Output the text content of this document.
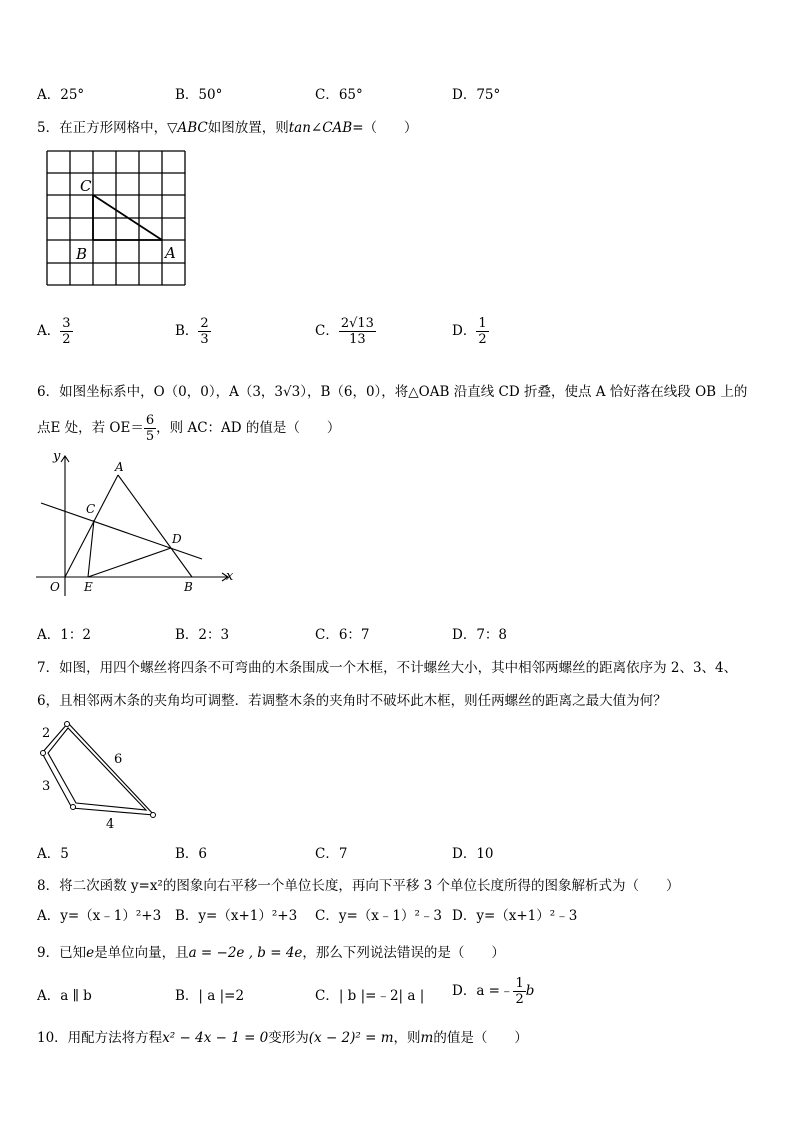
A．25°	B．50°	C．65°	D．75°
5．在正方形网格中，▽ABC如图放置，则tan∠CAB=（　　）
C
B	A
A． $\frac{3}{2}$	B． $\frac{2}{3}$	C． $\frac{2√13}{13}$	D． $\frac{1}{2}$
6．如图坐标系中，O（0，0），A（3，3√3），B（6，0），将△OAB 沿直线 CD 折叠，使点 A 恰好落在线段 OB 上的
点E 处，若 $OE= \frac{6}{5}$ ，则 AC：AD 的值是（　　）
y
x
A
C
D
O E	B
A．1：2	B．2：3	C．6：7	D．7：8
7．如图，用四个螺丝将四条不可弯曲的木条围成一个木框，不计螺丝大小，其中相邻两螺丝的距离依序为 2、3、4、
6，且相邻两木条的夹角均可调整．若调整木条的夹角时不破坏此木框，则任两螺丝的距离之最大值为何？
2
3
4
6
A．5	B．6	C．7	D．10
8．将二次函数 y=x²的图象向右平移一个单位长度，再向下平移 3 个单位长度所得的图象解析式为（　　）
A．y=（x﹣1）²+3 B．y=（x+1）²+3 C．y=（x﹣1）²﹣3 D．y=（x+1）²﹣3
9．已知e是单位向量，且a = −2e , b = 4e，那么下列说法错误的是（　　）
A．a ∥ b	B．| a |=2	C．| b |=﹣2| a | D．a =﹣ $\frac{1}{2}$ b
10．用配方法将方程x² − 4x − 1 = 0变形为(x − 2)² = m，则m的值是（　　）
